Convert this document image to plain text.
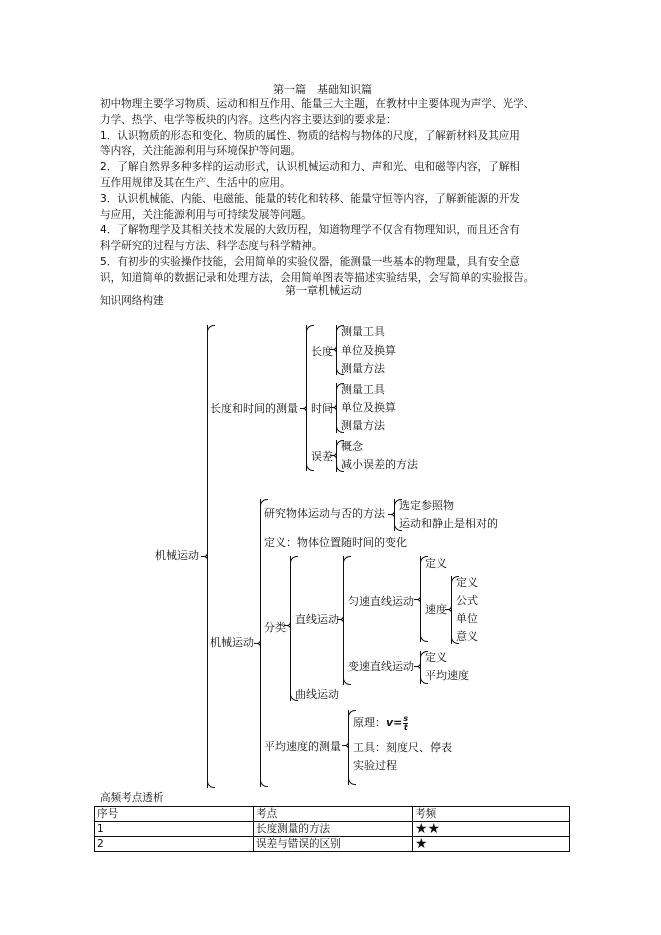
第一篇　基础知识篇
初中物理主要学习物质、运动和相互作用、能量三大主题，在教材中主要体现为声学、光学、
力学、热学、电学等板块的内容。这些内容主要达到的要求是：
1．认识物质的形态和变化、物质的属性、物质的结构与物体的尺度，了解新材料及其应用
等内容，关注能源利用与环境保护等问题。
2．了解自然界多种多样的运动形式，认识机械运动和力、声和光、电和磁等内容，了解相
互作用规律及其在生产、生活中的应用。
3．认识机械能、内能、电磁能、能量的转化和转移、能量守恒等内容，了解新能源的开发
与应用，关注能源利用与可持续发展等问题。
4．了解物理学及其相关技术发展的大致历程，知道物理学不仅含有物理知识，而且还含有
科学研究的过程与方法、科学态度与科学精神。
5．有初步的实验操作技能，会用简单的实验仪器，能测量一些基本的物理量，具有安全意
识，知道简单的数据记录和处理方法，会用简单图表等描述实验结果，会写简单的实验报告。
第一章机械运动
知识网络构建
机械运动
长度和时间的测量
长度
测量工具
单位及换算
测量方法
时间
测量工具
单位及换算
测量方法
误差
概念
减小误差的方法
机械运动
研究物体运动与否的方法
选定参照物
运动和静止是相对的
定义：物体位置随时间的变化
分类
直线运动
匀速直线运动
定义
速度
定义
公式
单位
意义
变速直线运动
定义
平均速度
曲线运动
平均速度的测量
原理：$v= \frac{s}{t}$
工具：刻度尺、停表
实验过程
高频考点透析
序号	考点	考频
1	长度测量的方法	★★
2	误差与错误的区别	★
